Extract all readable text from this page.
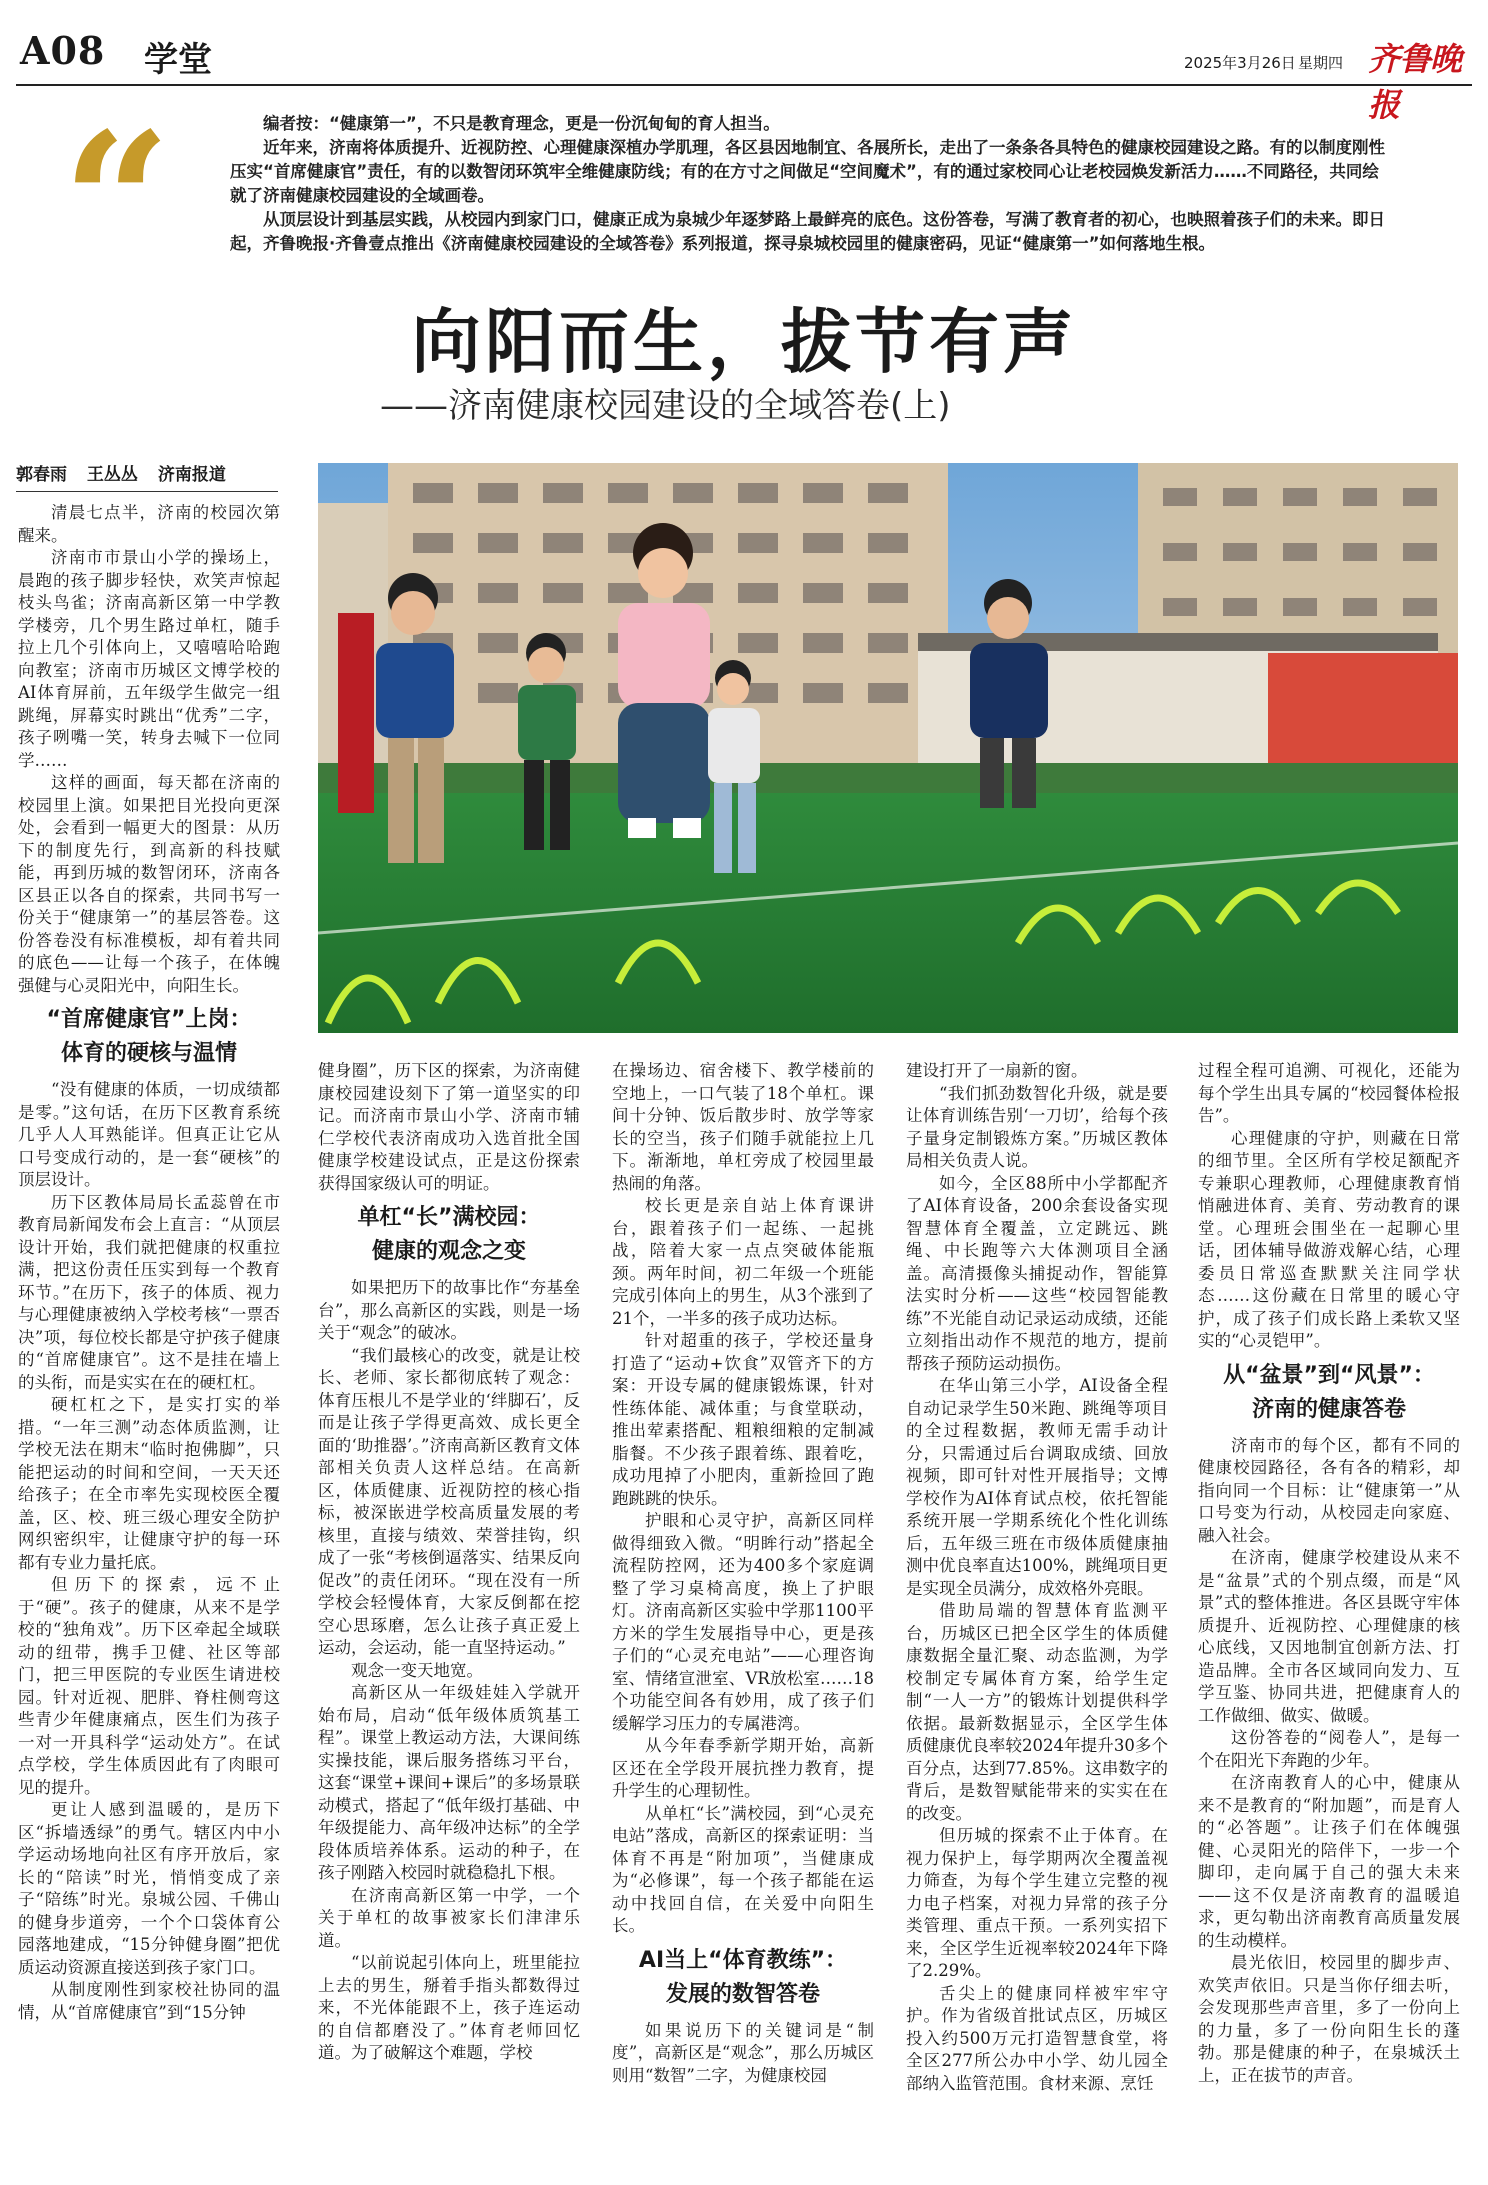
A08 学堂	2025年3月26日 星期四 齐鲁晚报
“	编者按：“健康第一”，不只是教育理念，更是一份沉甸甸的育人担当。

近年来，济南将体质提升、近视防控、心理健康深植办学肌理，各区县因地制宜、各展所长，走出了一条条各具特色的健康校园建设之路。有的以制度刚性压实“首席健康官”责任，有的以数智闭环筑牢全维健康防线；有的在方寸之间做足“空间魔术”，有的通过家校同心让老校园焕发新活力……不同路径，共同绘就了济南健康校园建设的全域画卷。

从顶层设计到基层实践，从校园内到家门口，健康正成为泉城少年逐梦路上最鲜亮的底色。这份答卷，写满了教育者的初心，也映照着孩子们的未来。即日起，齐鲁晚报·齐鲁壹点推出《济南健康校园建设的全域答卷》系列报道，探寻泉城校园里的健康密码，见证“健康第一”如何落地生根。

向阳而生，拔节有声
——济南健康校园建设的全域答卷(上)
郭春雨 王丛丛 济南报道

清晨七点半，济南的校园次第醒来。

济南市市景山小学的操场上，晨跑的孩子脚步轻快，欢笑声惊起枝头鸟雀；济南高新区第一中学教学楼旁，几个男生路过单杠，随手拉上几个引体向上，又嘻嘻哈哈跑向教室；济南市历城区文博学校的AI体育屏前，五年级学生做完一组跳绳，屏幕实时跳出“优秀”二字，孩子咧嘴一笑，转身去喊下一位同学……

这样的画面，每天都在济南的校园里上演。如果把目光投向更深处，会看到一幅更大的图景：从历下的制度先行，到高新的科技赋能，再到历城的数智闭环，济南各区县正以各自的探索，共同书写一份关于“健康第一”的基层答卷。这份答卷没有标准模板，却有着共同的底色——让每一个孩子，在体魄强健与心灵阳光中，向阳生长。

“首席健康官”上岗：
体育的硬核与温情

“没有健康的体质，一切成绩都是零。”这句话，在历下区教育系统几乎人人耳熟能详。但真正让它从口号变成行动的，是一套“硬核”的顶层设计。

历下区教体局局长孟蕊曾在市教育局新闻发布会上直言：“从顶层设计开始，我们就把健康的权重拉满，把这份责任压实到每一个教育环节。”在历下，孩子的体质、视力与心理健康被纳入学校考核“一票否决”项，每位校长都是守护孩子健康的“首席健康官”。这不是挂在墙上的头衔，而是实实在在的硬杠杠。

硬杠杠之下，是实打实的举措。“一年三测”动态体质监测，让学校无法在期末“临时抱佛脚”，只能把运动的时间和空间，一天天还给孩子；在全市率先实现校医全覆盖，区、校、班三级心理安全防护网织密织牢，让健康守护的每一环都有专业力量托底。

但历下的探索，远不止于“硬”。孩子的健康，从来不是学校的“独角戏”。历下区牵起全域联动的纽带，携手卫健、社区等部门，把三甲医院的专业医生请进校园。针对近视、肥胖、脊柱侧弯这些青少年健康痛点，医生们为孩子一对一开具科学“运动处方”。在试点学校，学生体质因此有了肉眼可见的提升。

更让人感到温暖的，是历下区“拆墙透绿”的勇气。辖区内中小学运动场地向社区有序开放后，家长的“陪读”时光，悄悄变成了亲子“陪练”时光。泉城公园、千佛山的健身步道旁，一个个口袋体育公园落地建成，“15分钟健身圈”把优质运动资源直接送到孩子家门口。

从制度刚性到家校社协同的温情，从“首席健康官”到“15分钟

健身圈”，历下区的探索，为济南健康校园建设刻下了第一道坚实的印记。而济南市景山小学、济南市辅仁学校代表济南成功入选首批全国健康学校建设试点，正是这份探索获得国家级认可的明证。

单杠“长”满校园：
健康的观念之变

如果把历下的故事比作“夯基垒台”，那么高新区的实践，则是一场关于“观念”的破冰。

“我们最核心的改变，就是让校长、老师、家长都彻底转了观念：体育压根儿不是学业的‘绊脚石’，反而是让孩子学得更高效、成长更全面的‘助推器’。”济南高新区教育文体部相关负责人这样总结。在高新区，体质健康、近视防控的核心指标，被深嵌进学校高质量发展的考核里，直接与绩效、荣誉挂钩，织成了一张“考核倒逼落实、结果反向促改”的责任闭环。“现在没有一所学校会轻慢体育，大家反倒都在挖空心思琢磨，怎么让孩子真正爱上运动，会运动，能一直坚持运动。”

观念一变天地宽。

高新区从一年级娃娃入学就开始布局，启动“低年级体质筑基工程”。课堂上教运动方法，大课间练实操技能，课后服务搭练习平台，这套“课堂+课间+课后”的多场景联动模式，搭起了“低年级打基础、中年级提能力、高年级冲达标”的全学段体质培养体系。运动的种子，在孩子刚踏入校园时就稳稳扎下根。

在济南高新区第一中学，一个关于单杠的故事被家长们津津乐道。

“以前说起引体向上，班里能拉上去的男生，掰着手指头都数得过来，不光体能跟不上，孩子连运动的自信都磨没了。”体育老师回忆道。为了破解这个难题，学校

在操场边、宿舍楼下、教学楼前的空地上，一口气装了18个单杠。课间十分钟、饭后散步时、放学等家长的空当，孩子们随手就能拉上几下。渐渐地，单杠旁成了校园里最热闹的角落。

校长更是亲自站上体育课讲台，跟着孩子们一起练、一起挑战，陪着大家一点点突破体能瓶颈。两年时间，初二年级一个班能完成引体向上的男生，从3个涨到了21个，一半多的孩子成功达标。

针对超重的孩子，学校还量身打造了“运动+饮食”双管齐下的方案：开设专属的健康锻炼课，针对性练体能、减体重；与食堂联动，推出荤素搭配、粗粮细粮的定制减脂餐。不少孩子跟着练、跟着吃，成功甩掉了小肥肉，重新捡回了跑跑跳跳的快乐。

护眼和心灵守护，高新区同样做得细致入微。“明眸行动”搭起全流程防控网，还为400多个家庭调整了学习桌椅高度，换上了护眼灯。济南高新区实验中学那1100平方米的学生发展指导中心，更是孩子们的“心灵充电站”——心理咨询室、情绪宣泄室、VR放松室……18个功能空间各有妙用，成了孩子们缓解学习压力的专属港湾。

从今年春季新学期开始，高新区还在全学段开展抗挫力教育，提升学生的心理韧性。

从单杠“长”满校园，到“心灵充电站”落成，高新区的探索证明：当体育不再是“附加项”，当健康成为“必修课”，每一个孩子都能在运动中找回自信，在关爱中向阳生长。

AI当上“体育教练”：
发展的数智答卷

如果说历下的关键词是“制度”，高新区是“观念”，那么历城区则用“数智”二字，为健康校园

建设打开了一扇新的窗。

“我们抓劲数智化升级，就是要让体育训练告别‘一刀切’，给每个孩子量身定制锻炼方案。”历城区教体局相关负责人说。

如今，全区88所中小学都配齐了AI体育设备，200余套设备实现智慧体育全覆盖，立定跳远、跳绳、中长跑等六大体测项目全涵盖。高清摄像头捕捉动作，智能算法实时分析——这些“校园智能教练”不光能自动记录运动成绩，还能立刻指出动作不规范的地方，提前帮孩子预防运动损伤。

在华山第三小学，AI设备全程自动记录学生50米跑、跳绳等项目的全过程数据，教师无需手动计分，只需通过后台调取成绩、回放视频，即可针对性开展指导；文博学校作为AI体育试点校，依托智能系统开展一学期系统化个性化训练后，五年级三班在市级体质健康抽测中优良率直达100%，跳绳项目更是实现全员满分，成效格外亮眼。

借助局端的智慧体育监测平台，历城区已把全区学生的体质健康数据全量汇聚、动态监测，为学校制定专属体育方案，给学生定制“一人一方”的锻炼计划提供科学依据。最新数据显示，全区学生体质健康优良率较2024年提升30多个百分点，达到77.85%。这串数字的背后，是数智赋能带来的实实在在的改变。

但历城的探索不止于体育。在视力保护上，每学期两次全覆盖视力筛查，为每个学生建立完整的视力电子档案，对视力异常的孩子分类管理、重点干预。一系列实招下来，全区学生近视率较2024年下降了2.29%。

舌尖上的健康同样被牢牢守护。作为省级首批试点区，历城区投入约500万元打造智慧食堂，将全区277所公办中小学、幼儿园全部纳入监管范围。食材来源、烹饪

过程全程可追溯、可视化，还能为每个学生出具专属的“校园餐体检报告”。

心理健康的守护，则藏在日常的细节里。全区所有学校足额配齐专兼职心理教师，心理健康教育悄悄融进体育、美育、劳动教育的课堂。心理班会围坐在一起聊心里话，团体辅导做游戏解心结，心理委员日常巡查默默关注同学状态……这份藏在日常里的暖心守护，成了孩子们成长路上柔软又坚实的“心灵铠甲”。

从“盆景”到“风景”：
济南的健康答卷

济南市的每个区，都有不同的健康校园路径，各有各的精彩，却指向同一个目标：让“健康第一”从口号变为行动，从校园走向家庭、融入社会。

在济南，健康学校建设从来不是“盆景”式的个别点缀，而是“风景”式的整体推进。各区县既守牢体质提升、近视防控、心理健康的核心底线，又因地制宜创新方法、打造品牌。全市各区域同向发力、互学互鉴、协同共进，把健康育人的工作做细、做实、做暖。

这份答卷的“阅卷人”，是每一个在阳光下奔跑的少年。

在济南教育人的心中，健康从来不是教育的“附加题”，而是育人的“必答题”。让孩子们在体魄强健、心灵阳光的陪伴下，一步一个脚印，走向属于自己的强大未来——这不仅是济南教育的温暖追求，更勾勒出济南教育高质量发展的生动模样。

晨光依旧，校园里的脚步声、欢笑声依旧。只是当你仔细去听，会发现那些声音里，多了一份向上的力量，多了一份向阳生长的蓬勃。那是健康的种子，在泉城沃土上，正在拔节的声音。
